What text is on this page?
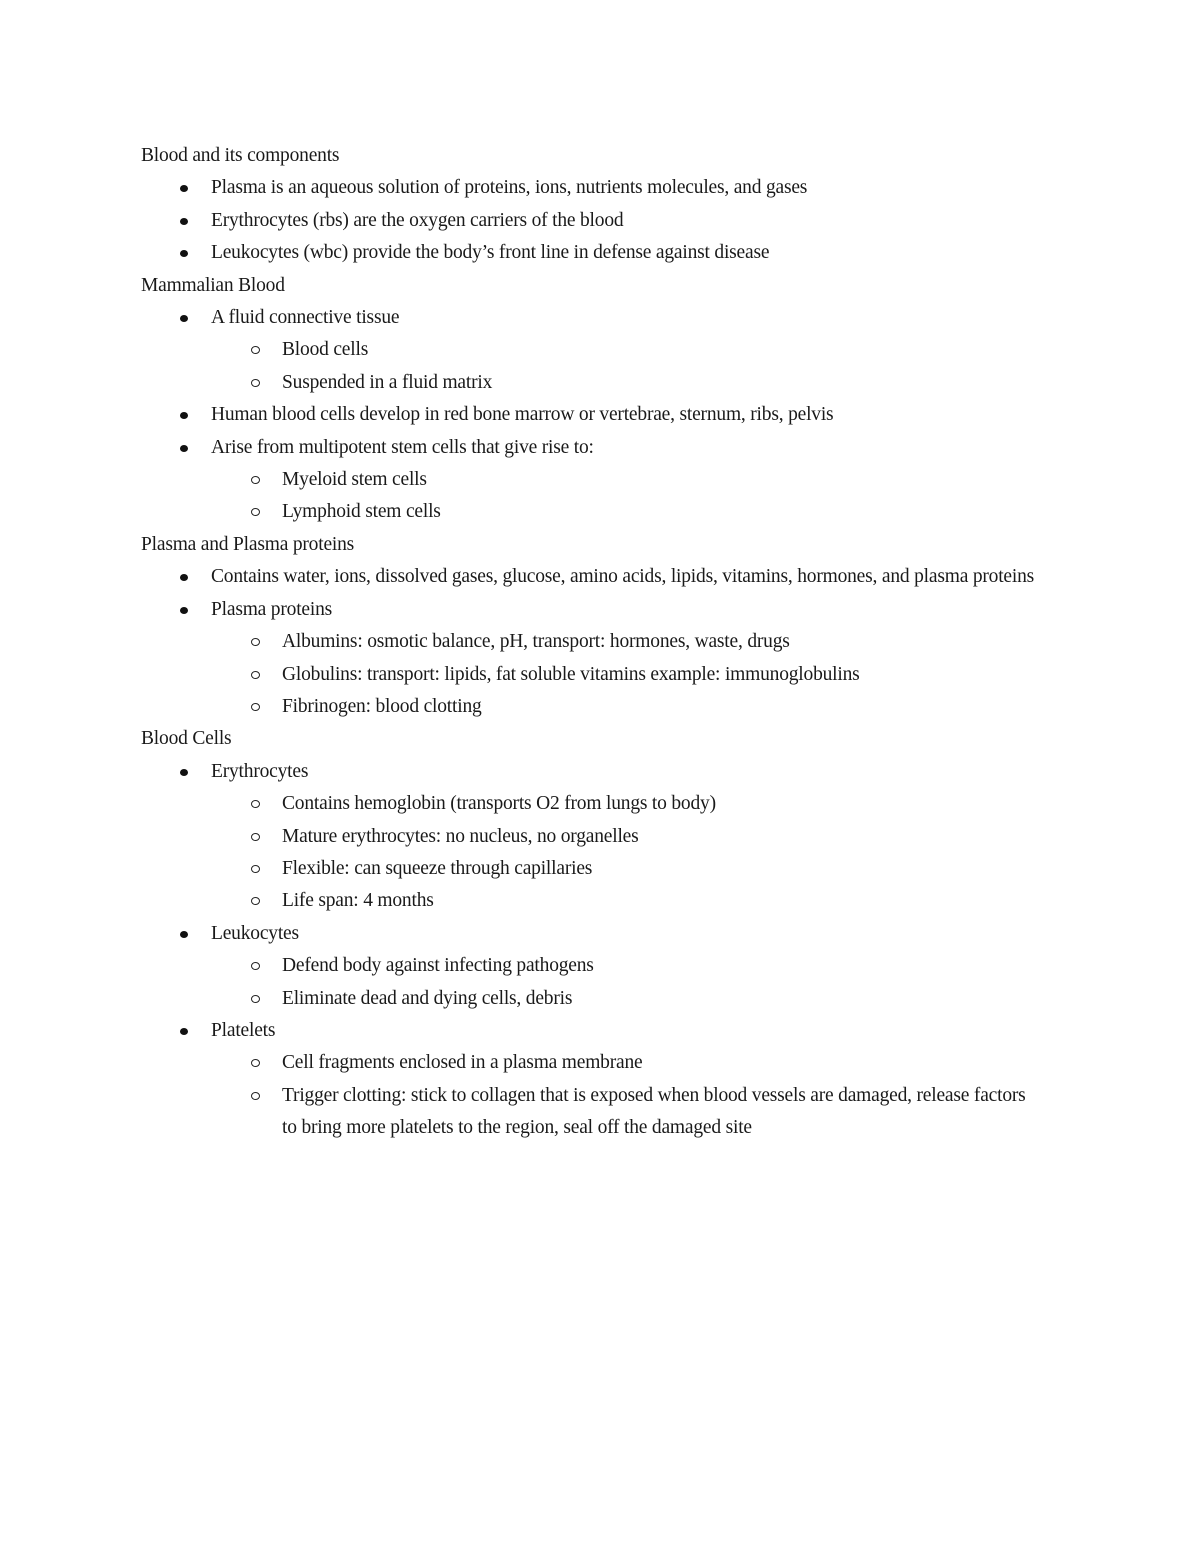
Blood and its components

Plasma is an aqueous solution of proteins, ions, nutrients molecules, and gases
Erythrocytes (rbs) are the oxygen carriers of the blood
Leukocytes (wbc) provide the body’s front line in defense against disease

Mammalian Blood

A fluid connective tissue
Blood cells
Suspended in a fluid matrix
Human blood cells develop in red bone marrow or vertebrae, sternum, ribs, pelvis
Arise from multipotent stem cells that give rise to:
Myeloid stem cells
Lymphoid stem cells

Plasma and Plasma proteins

Contains water, ions, dissolved gases, glucose, amino acids, lipids, vitamins, hormones, and plasma proteins
Plasma proteins
Albumins: osmotic balance, pH, transport: hormones, waste, drugs
Globulins: transport: lipids, fat soluble vitamins example: immunoglobulins
Fibrinogen: blood clotting

Blood Cells

Erythrocytes
Contains hemoglobin (transports O2 from lungs to body)
Mature erythrocytes: no nucleus, no organelles
Flexible: can squeeze through capillaries
Life span: 4 months
Leukocytes
Defend body against infecting pathogens
Eliminate dead and dying cells, debris
Platelets
Cell fragments enclosed in a plasma membrane
Trigger clotting: stick to collagen that is exposed when blood vessels are damaged, release factors to bring more platelets to the region, seal off the damaged site
